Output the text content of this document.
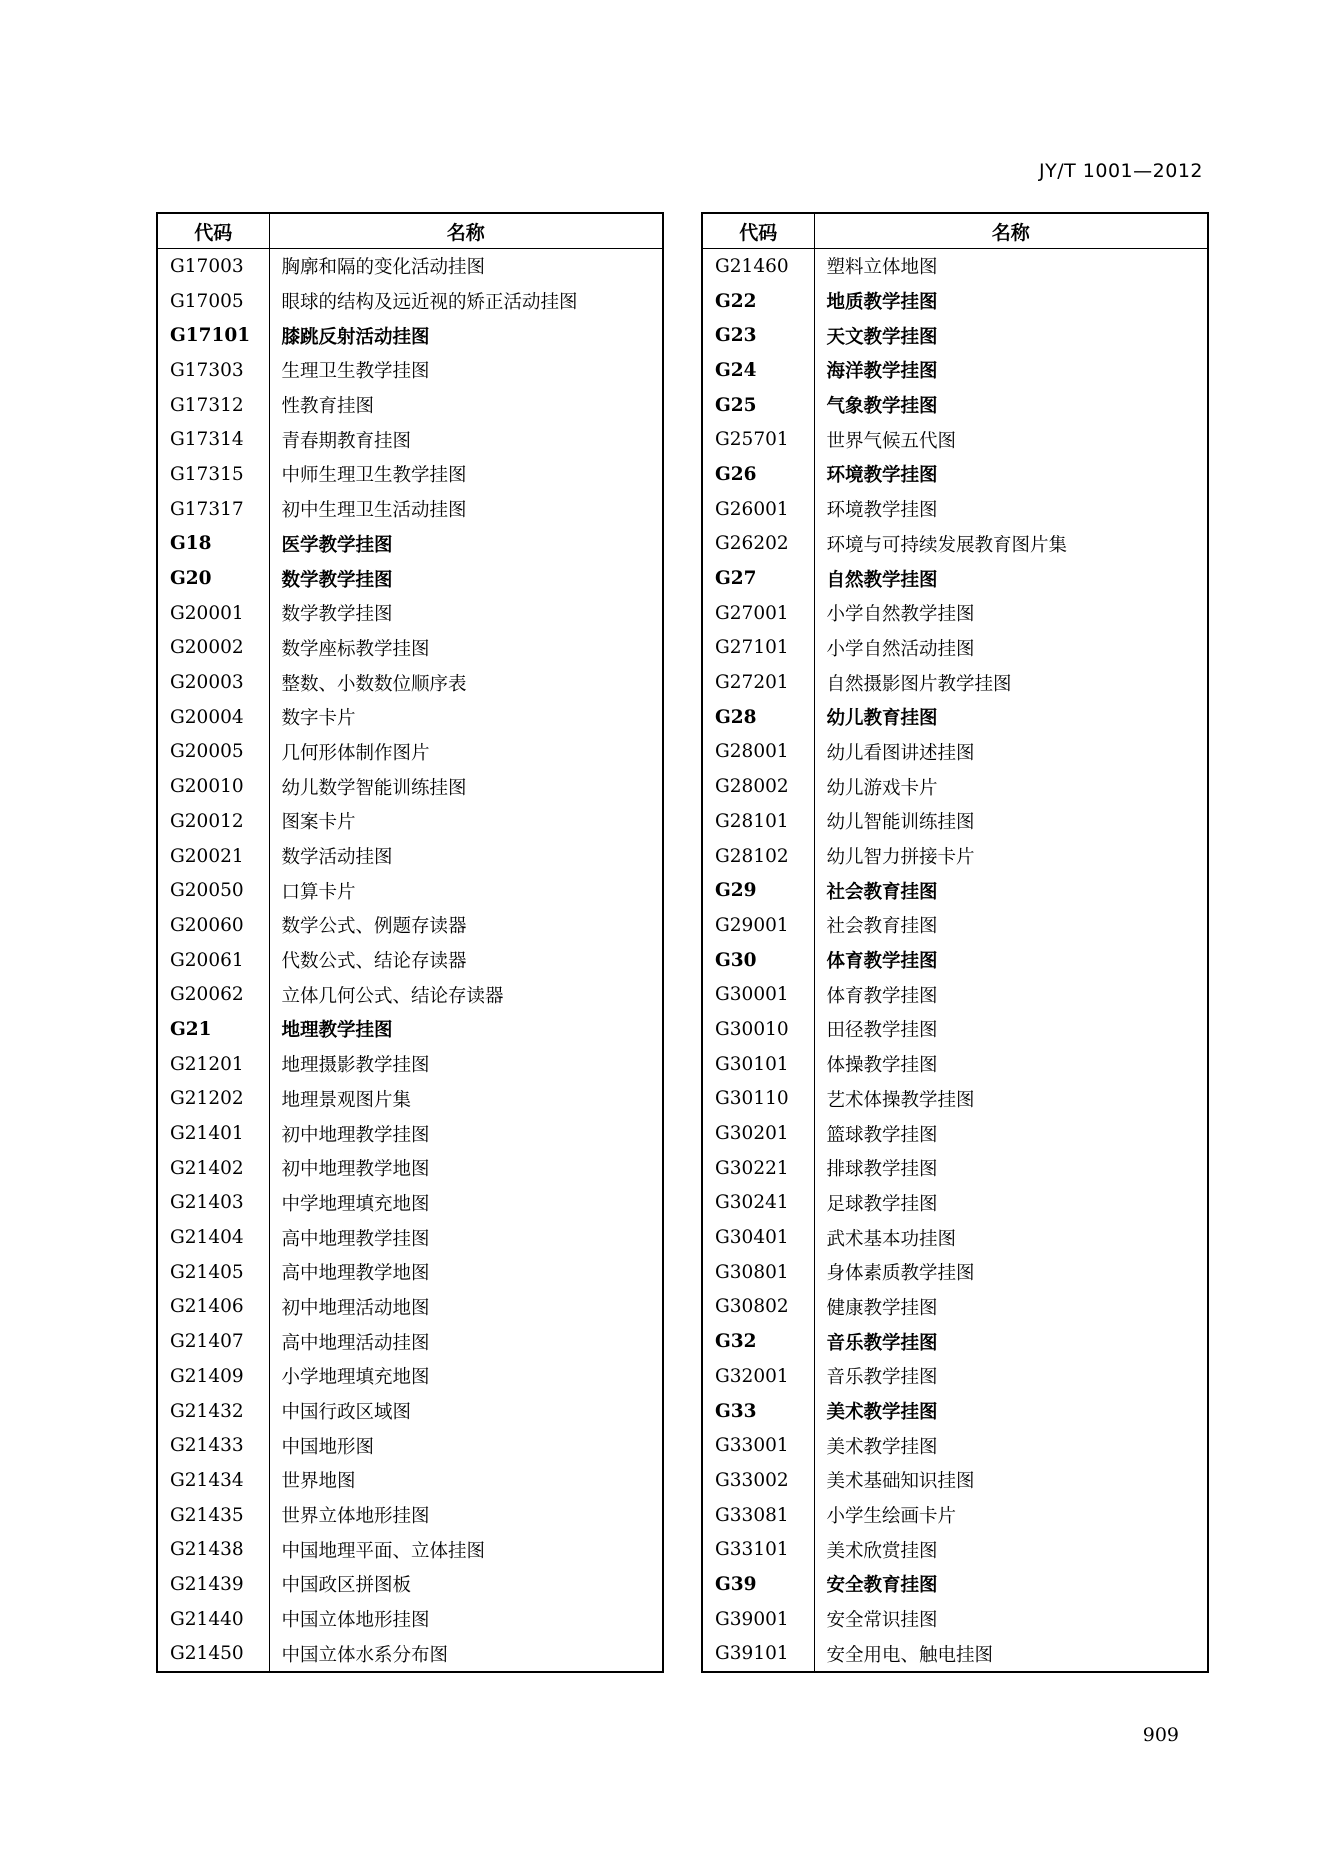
JY/T 1001—2012
代码	名称
G17003	胸廓和隔的变化活动挂图
G17005	眼球的结构及远近视的矫正活动挂图
G17101	膝跳反射活动挂图
G17303	生理卫生教学挂图
G17312	性教育挂图
G17314	青春期教育挂图
G17315	中师生理卫生教学挂图
G17317	初中生理卫生活动挂图
G18	医学教学挂图
G20	数学教学挂图
G20001	数学教学挂图
G20002	数学座标教学挂图
G20003	整数、小数数位顺序表
G20004	数字卡片
G20005	几何形体制作图片
G20010	幼儿数学智能训练挂图
G20012	图案卡片
G20021	数学活动挂图
G20050	口算卡片
G20060	数学公式、例题存读器
G20061	代数公式、结论存读器
G20062	立体几何公式、结论存读器
G21	地理教学挂图
G21201	地理摄影教学挂图
G21202	地理景观图片集
G21401	初中地理教学挂图
G21402	初中地理教学地图
G21403	中学地理填充地图
G21404	高中地理教学挂图
G21405	高中地理教学地图
G21406	初中地理活动地图
G21407	高中地理活动挂图
G21409	小学地理填充地图
G21432	中国行政区域图
G21433	中国地形图
G21434	世界地图
G21435	世界立体地形挂图
G21438	中国地理平面、立体挂图
G21439	中国政区拼图板
G21440	中国立体地形挂图
G21450	中国立体水系分布图
代码	名称
G21460	塑料立体地图
G22	地质教学挂图
G23	天文教学挂图
G24	海洋教学挂图
G25	气象教学挂图
G25701	世界气候五代图
G26	环境教学挂图
G26001	环境教学挂图
G26202	环境与可持续发展教育图片集
G27	自然教学挂图
G27001	小学自然教学挂图
G27101	小学自然活动挂图
G27201	自然摄影图片教学挂图
G28	幼儿教育挂图
G28001	幼儿看图讲述挂图
G28002	幼儿游戏卡片
G28101	幼儿智能训练挂图
G28102	幼儿智力拼接卡片
G29	社会教育挂图
G29001	社会教育挂图
G30	体育教学挂图
G30001	体育教学挂图
G30010	田径教学挂图
G30101	体操教学挂图
G30110	艺术体操教学挂图
G30201	篮球教学挂图
G30221	排球教学挂图
G30241	足球教学挂图
G30401	武术基本功挂图
G30801	身体素质教学挂图
G30802	健康教学挂图
G32	音乐教学挂图
G32001	音乐教学挂图
G33	美术教学挂图
G33001	美术教学挂图
G33002	美术基础知识挂图
G33081	小学生绘画卡片
G33101	美术欣赏挂图
G39	安全教育挂图
G39001	安全常识挂图
G39101	安全用电、触电挂图
909
